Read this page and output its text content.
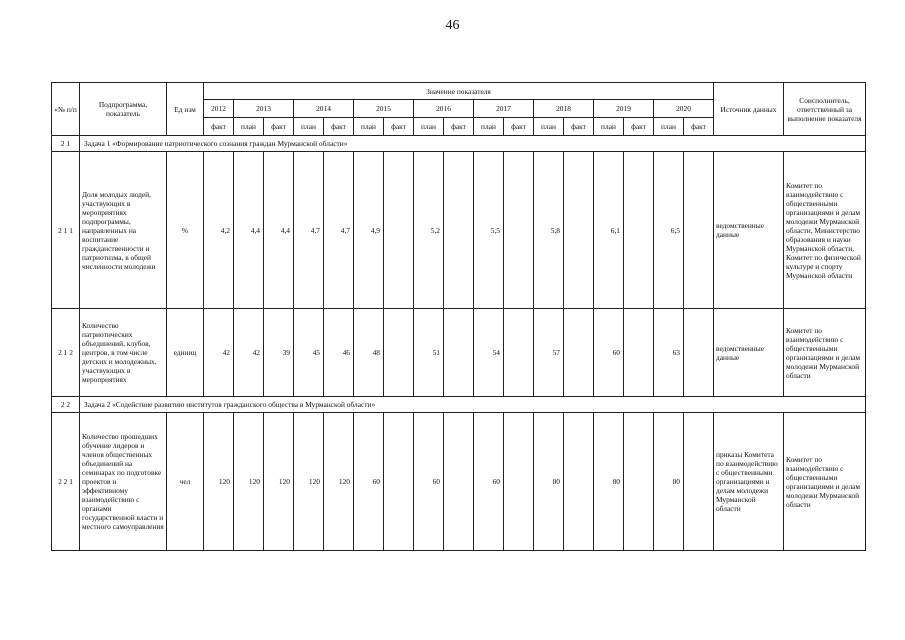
46
«№ п/п	Подпрограмма, показатель	Ед изм	Значение показателя																	Источник данных	Соисполнитель, ответственный за выполнение показателя
			2012	2013		2014		2015		2016		2017		2018		2019		2020			
			факт	план	факт	план	факт	план	факт	план	факт	план	факт	план	факт	план	факт	план	факт		
2 1	Задача 1 «Формирование патриотического сознания граждан Мурманской области»																				
2 1 1	Доля молодых людей, участвующих в мероприятиях подпрограммы, направленных на воспитание гражданственности и патриотизма, в общей численности молодежи	%	4,2	4,4	4,4	4,7	4,7	4,9		5,2		5,5		5,8		6,1		6,5		ведомственные данные	Комитет по взаимодействию с общественными организациями и делам молодежи Мурманской области, Министерство образования и науки Мурманской области, Комитет по физической культуре и спорту Мурманской области
2 1 2	Количество патриотических объединений, клубов, центров, в том числе детских и молодежных, участвующих в мероприятиях	единиц	42	42	39	45	46	48		51		54		57		60		63		ведомственные данные	Комитет по взаимодействию с общественными организациями и делам молодежи Мурманской области
2 2	Задача 2 «Содействие развитию институтов гражданского общества в Мурманской области»																				
2 2 1	Количество прошедших обучение лидеров и членов общественных объединений на семинарах по подготовке проектов и эффективному взаимодействию с органами государственной власти и местного самоуправления	чел	120	120	120	120	120	60		60		60		80		80		80		приказы Комитета по взаимодействию с общественными организациями и делам молодежи Мурманской области	Комитет по взаимодействию с общественными организациями и делам молодежи Мурманской области
